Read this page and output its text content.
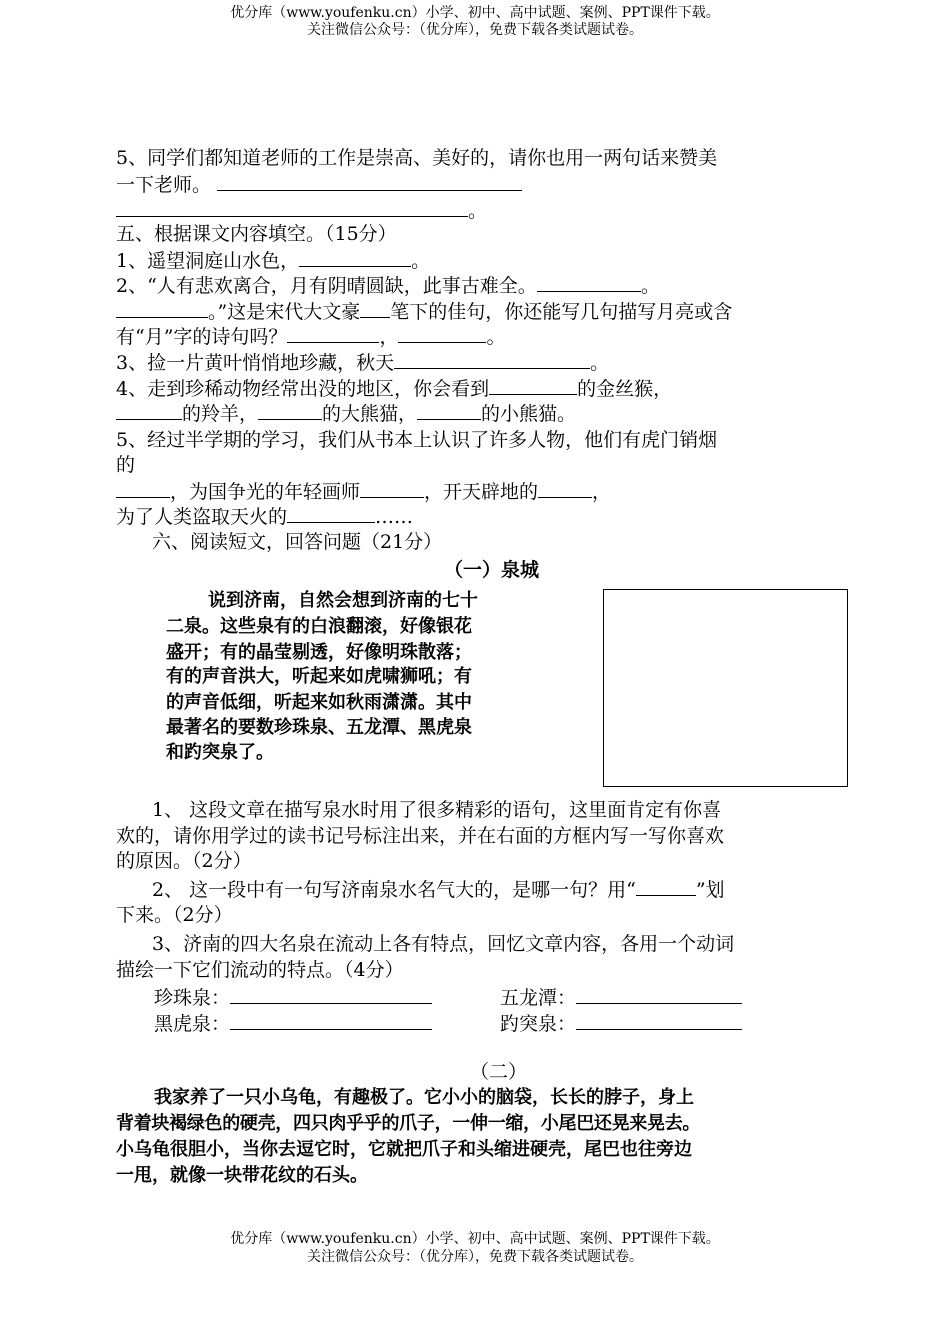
优分库（www.youfenku.cn）小学、初中、高中试题、案例、PPT课件下载。
关注微信公众号：（优分库），免费下载各类试题试卷。
5、同学们都知道老师的工作是崇高、美好的，请你也用一两句话来赞美
一下老师。
。
五、根据课文内容填空。（15分）
1、遥望洞庭山水色，	。
2、“人有悲欢离合，月有阴晴圆缺，此事古难全。	。
。”这是宋代大文豪 笔下的佳句，你还能写几句描写月亮或含
有“月”字的诗句吗？	，	。
3、捡一片黄叶悄悄地珍藏，秋天	。
4、走到珍稀动物经常出没的地区，你会看到	的金丝猴，
的羚羊，	的大熊猫，	的小熊猫。
5、经过半学期的学习，我们从书本上认识了许多人物，他们有虎门销烟
的
，为国争光的年轻画师	，开天辟地的	，
为了人类盗取天火的	……
六、阅读短文，回答问题（21分）
（一）泉城
说到济南，自然会想到济南的七十
二泉。这些泉有的白浪翻滚，好像银花
盛开；有的晶莹剔透，好像明珠散落；
有的声音洪大，听起来如虎啸狮吼；有
的声音低细，听起来如秋雨潇潇。其中
最著名的要数珍珠泉、五龙潭、黑虎泉
和趵突泉了。
1、 这段文章在描写泉水时用了很多精彩的语句，这里面肯定有你喜
欢的，请你用学过的读书记号标注出来，并在右面的方框内写一写你喜欢
的原因。（2分）
2、 这一段中有一句写济南泉水名气大的，是哪一句？用“	”划
下来。（2分）
3、济南的四大名泉在流动上各有特点，回忆文章内容，各用一个动词
描绘一下它们流动的特点。（4分）
珍珠泉：	五龙潭：
黑虎泉：	趵突泉：
（二）
我家养了一只小乌龟，有趣极了。它小小的脑袋，长长的脖子，身上
背着块褐绿色的硬壳，四只肉乎乎的爪子，一伸一缩，小尾巴还晃来晃去。
小乌龟很胆小，当你去逗它时，它就把爪子和头缩进硬壳，尾巴也往旁边
一甩，就像一块带花纹的石头。
优分库（www.youfenku.cn）小学、初中、高中试题、案例、PPT课件下载。
关注微信公众号：（优分库），免费下载各类试题试卷。
